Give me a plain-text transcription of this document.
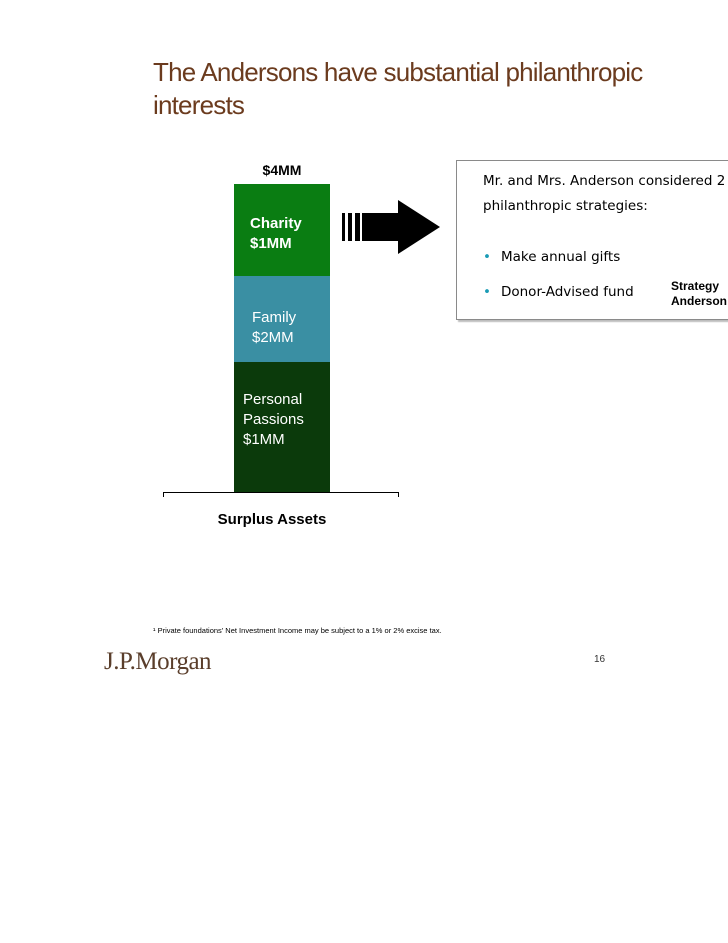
The Andersons have substantial philanthropic
interests
$4MM
Charity
$1MM
Family
$2MM
Personal
Passions
$1MM
Surplus Assets

Mr. and Mrs. Anderson considered 2

philanthropic strategies:

• Make annual gifts
• Donor-Advised fund	Strategy
Anderson
¹ Private foundations' Net Investment Income may be subject to a 1% or 2% excise tax.
J.P.Morgan	16
